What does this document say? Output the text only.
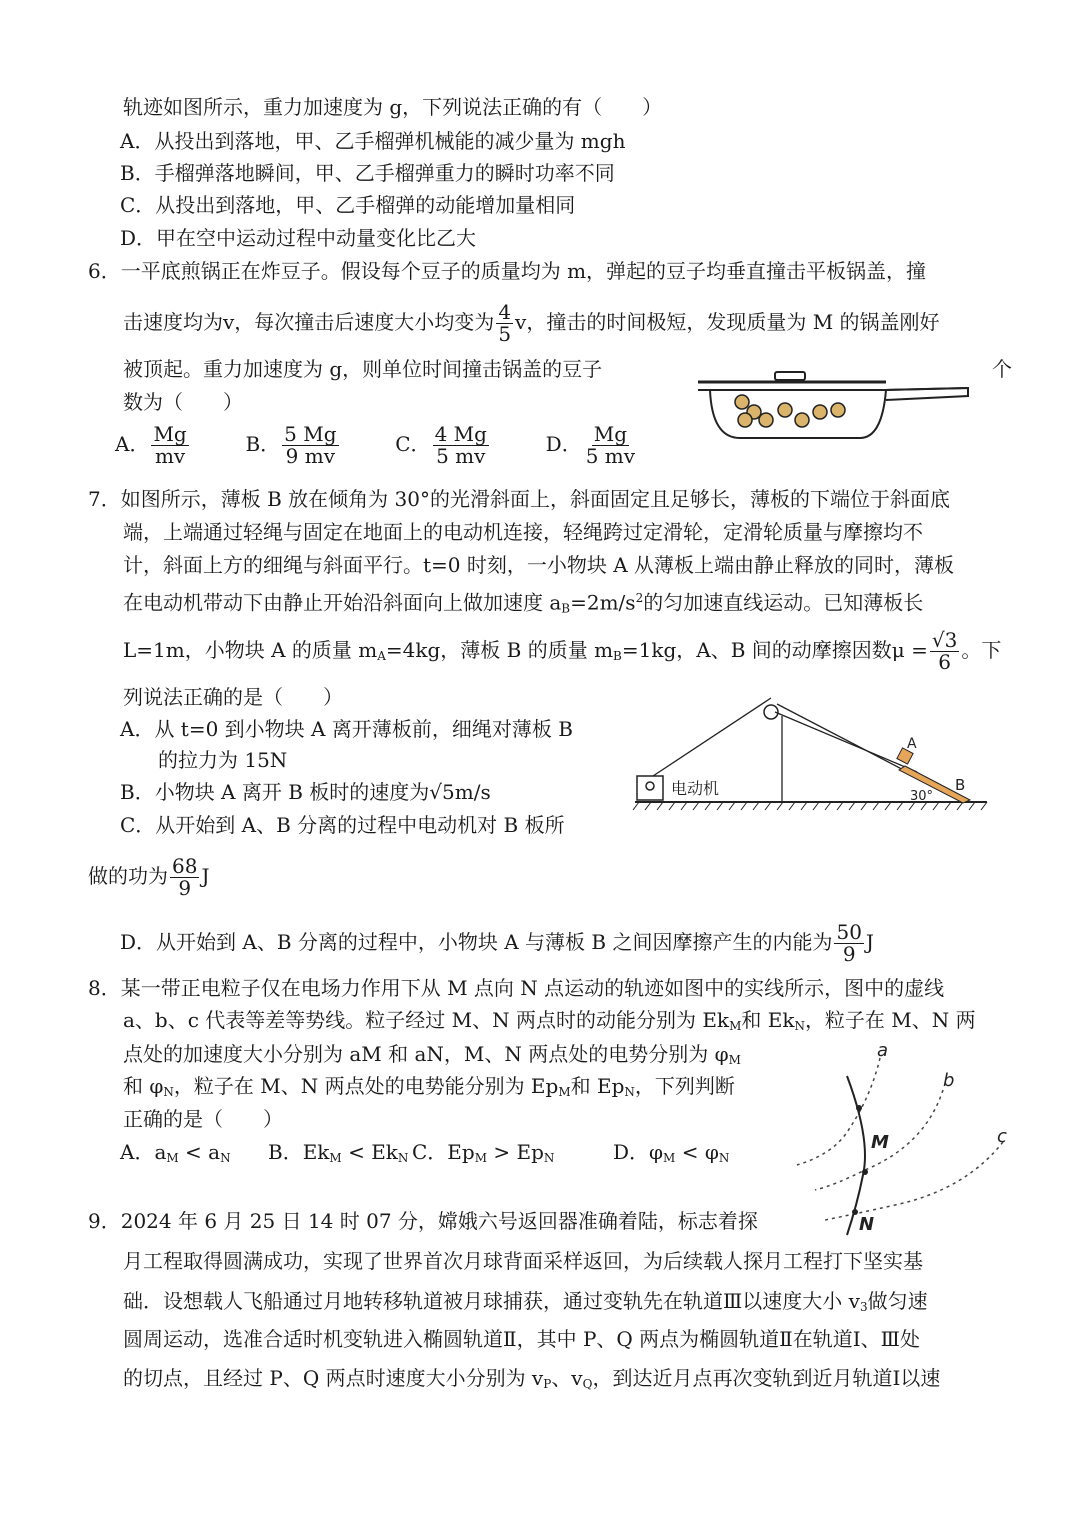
轨迹如图所示，重力加速度为 g，下列说法正确的有（　　）
A．从投出到落地，甲、乙手榴弹机械能的减少量为 mgh
B．手榴弹落地瞬间，甲、乙手榴弹重力的瞬时功率不同
C．从投出到落地，甲、乙手榴弹的动能增加量相同
D．甲在空中运动过程中动量变化比乙大
6．一平底煎锅正在炸豆子。假设每个豆子的质量均为 m，弹起的豆子均垂直撞击平板锅盖，撞
击速度均为v，每次撞击后速度大小均变为 $\frac{4}{5}$ v，撞击的时间极短，发现质量为 M 的锅盖刚好
被顶起。重力加速度为 g，则单位时间撞击锅盖的豆子	个
数为（　　）
A． $\frac{Mg}{mv}$	B． $\frac{5 Mg}{9 mv}$	C． $\frac{4 Mg}{5 mv}$	D． $\frac{Mg}{5 mv}$
7．如图所示，薄板 B 放在倾角为 30°的光滑斜面上，斜面固定且足够长，薄板的下端位于斜面底
端，上端通过轻绳与固定在地面上的电动机连接，轻绳跨过定滑轮，定滑轮质量与摩擦均不
计，斜面上方的细绳与斜面平行。t=0 时刻，一小物块 A 从薄板上端由静止释放的同时，薄板
在电动机带动下由静止开始沿斜面向上做加速度 $a_B=2m/s^2$的匀加速直线运动。已知薄板长
L=1m，小物块 A 的质量 $m_A=4kg$，薄板 B 的质量 $m_B=1kg$，A、B 间的动摩擦因数$\mu = \frac{√3}{6}$ 。下
列说法正确的是（　　）
A．从 t=0 到小物块 A 离开薄板前，细绳对薄板 B
的拉力为 15N
B．小物块 A 离开 B 板时的速度为√5m/s
C．从开始到 A、B 分离的过程中电动机对 B 板所
做的功为 $\frac{68}{9}$ J
D．从开始到 A、B 分离的过程中，小物块 A 与薄板 B 之间因摩擦产生的内能为 $\frac{50}{9}$ J
电动机
A
B
30°
8．某一带正电粒子仅在电场力作用下从 M 点向 N 点运动的轨迹如图中的实线所示，图中的虚线
a、b、c 代表等差等势线。粒子经过 M、N 两点时的动能分别为 $Ek_M$和 $Ek_N$，粒子在 M、N 两
点处的加速度大小分别为 aM 和 aN，M、N 两点处的电势分别为 $\varphi_M$
和 $\varphi_N$，粒子在 M、N 两点处的电势能分别为 $Ep_M$和 $Ep_N$，下列判断
正确的是（　　）
A．$a_M < a_N$ B．$Ek_M < Ek_N$ C．$Ep_M > Ep_N$	D．$\varphi_M < \varphi_N$
a
b
c
M
N
9．2024 年 6 月 25 日 14 时 07 分，嫦娥六号返回器准确着陆，标志着探
月工程取得圆满成功，实现了世界首次月球背面采样返回，为后续载人探月工程打下坚实基
础．设想载人飞船通过月地转移轨道被月球捕获，通过变轨先在轨道Ⅲ以速度大小 $v_3$做匀速
圆周运动，选准合适时机变轨进入椭圆轨道Ⅱ，其中 P、Q 两点为椭圆轨道Ⅱ在轨道Ⅰ、Ⅲ处
的切点，且经过 P、Q 两点时速度大小分别为 $v_P$、$v_Q$，到达近月点再次变轨到近月轨道Ⅰ以速
